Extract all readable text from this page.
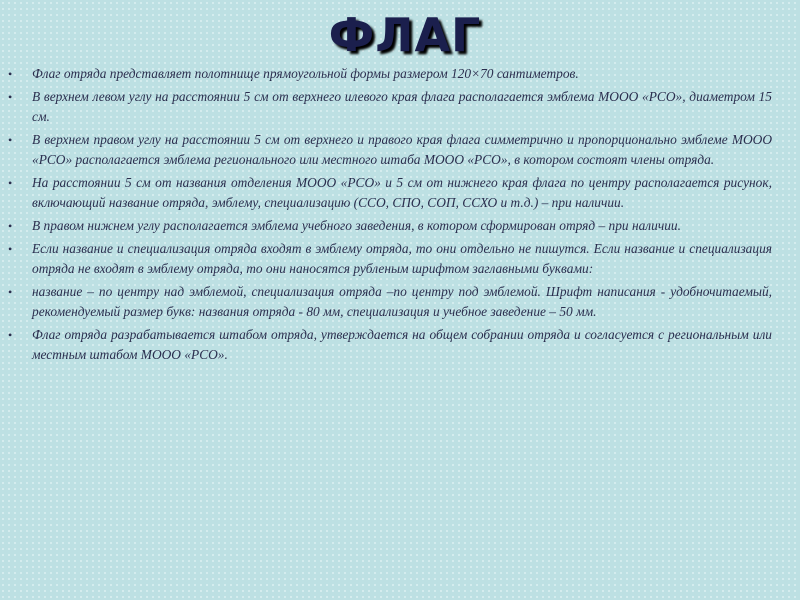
ФЛАГ
• Флаг отряда представляет полотнище прямоугольной формы размером 120×70 сантиметров.
• В верхнем левом углу на расстоянии 5 см от верхнего илевого края флага располагается эмблема МООО «РСО», диаметром 15 см.
• В верхнем правом углу на расстоянии 5 см от верхнего и правого края флага симметрично и пропорционально эмблеме МООО «РСО» располагается эмблема регионального или местного штаба МООО «РСО», в котором состоят члены отряда.
• На расстоянии 5 см от названия отделения МООО «РСО» и 5 см от нижнего края флага по центру располагается рисунок, включающий название отряда, эмблему, специализацию (ССО, СПО, СОП, ССХО и т.д.) – при наличии.
• В правом нижнем углу располагается эмблема учебного заведения, в котором сформирован отряд – при наличии.
• Если название и специализация отряда входят в эмблему отряда, то они отдельно не пишутся. Если название и специализация отряда не входят в эмблему отряда, то они наносятся рубленым шрифтом заглавными буквами:
• название – по центру над эмблемой, специализация отряда –по центру под эмблемой. Шрифт написания - удобночитаемый, рекомендуемый размер букв: названия отряда - 80 мм, специализация и учебное заведение – 50 мм.
• Флаг отряда разрабатывается штабом отряда, утверждается на общем собрании отряда и согласуется с региональным или местным штабом МООО «РСО».
